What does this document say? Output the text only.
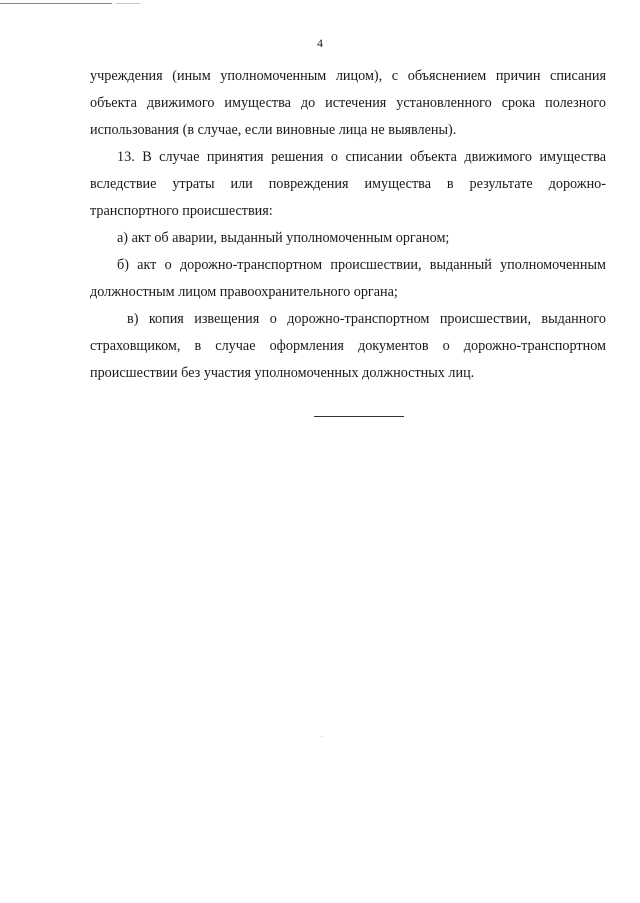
4
учреждения (иным уполномоченным лицом), с объяснением причин списания
объекта движимого имущества до истечения установленного срока полезного
использования (в случае, если виновные лица не выявлены).
13. В случае принятия решения о списании объекта движимого имущества
вследствие утраты или повреждения имущества в результате дорожно-
транспортного происшествия:
а) акт об аварии, выданный уполномоченным органом;
б) акт о дорожно-транспортном происшествии, выданный уполномоченным
должностным лицом правоохранительного органа;
в) копия извещения о дорожно-транспортном происшествии, выданного
страховщиком, в случае оформления документов о дорожно-транспортном
происшествии без участия уполномоченных должностных лиц.
